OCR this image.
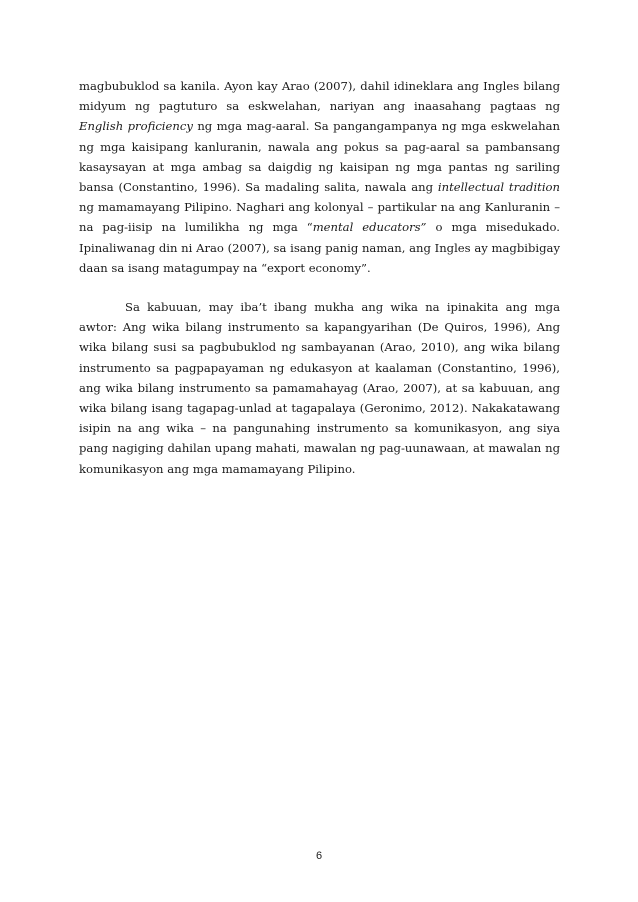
magbubuklod sa kanila. Ayon kay Arao (2007), dahil idineklara ang Ingles bilang midyum ng pagtuturo sa eskwelahan, nariyan ang inaasahang pagtaas ng English proficiency ng mga mag-aaral. Sa pangangampanya ng mga eskwelahan ng mga kaisipang kanluranin, nawala ang pokus sa pag-aaral sa pambansang kasaysayan at mga ambag sa daigdig ng kaisipan ng mga pantas ng sariling bansa (Constantino, 1996). Sa madaling salita, nawala ang intellectual tradition ng mamamayang Pilipino. Naghari ang kolonyal – partikular na ang Kanluranin – na pag-iisip na lumilikha ng mga “mental educators” o mga misedukado. Ipinaliwanag din ni Arao (2007), sa isang panig naman, ang Ingles ay magbibigay daan sa isang matagumpay na “export economy”.

Sa kabuuan, may iba’t ibang mukha ang wika na ipinakita ang mga awtor: Ang wika bilang instrumento sa kapangyarihan (De Quiros, 1996), Ang wika bilang susi sa pagbubuklod ng sambayanan (Arao, 2010), ang wika bilang instrumento sa pagpapayaman ng edukasyon at kaalaman (Constantino, 1996), ang wika bilang instrumento sa pamamahayag (Arao, 2007), at sa kabuuan, ang wika bilang isang tagapag-unlad at tagapalaya (Geronimo, 2012). Nakakatawang isipin na ang wika – na pangunahing instrumento sa komunikasyon, ang siya pang nagiging dahilan upang mahati, mawalan ng pag-uunawaan, at mawalan ng komunikasyon ang mga mamamayang Pilipino.

6
